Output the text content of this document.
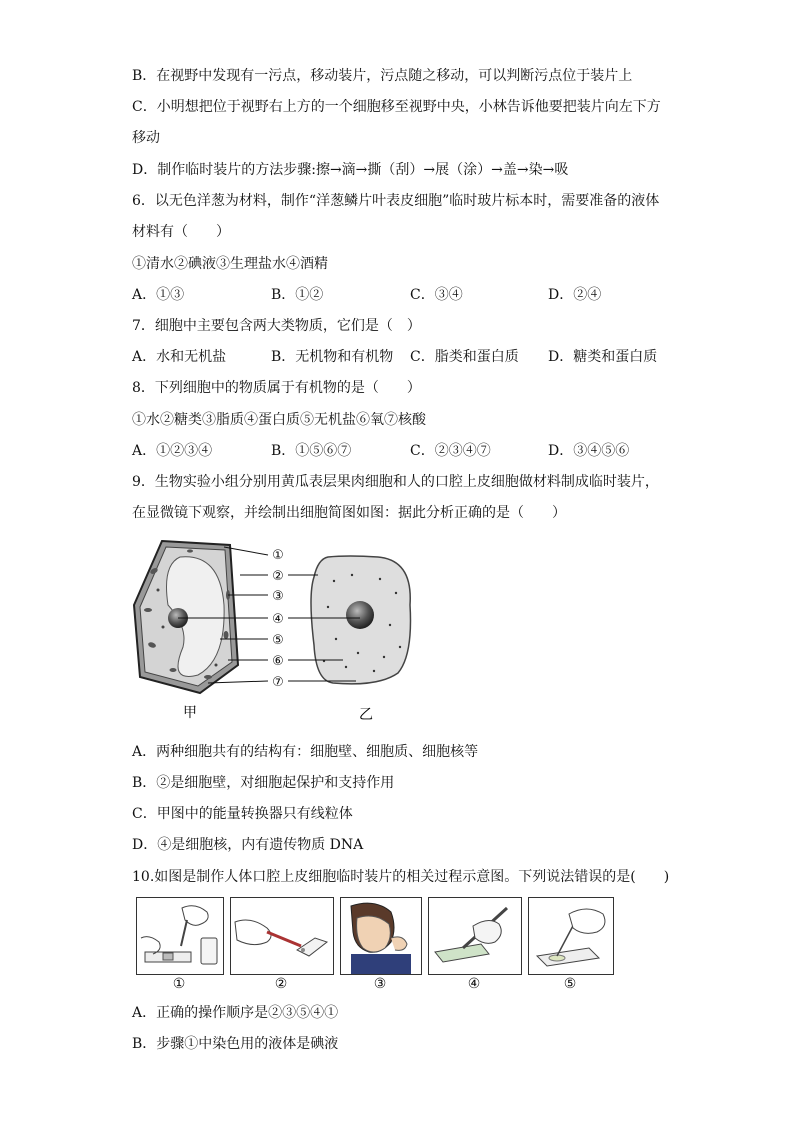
B．在视野中发现有一污点，移动装片，污点随之移动，可以判断污点位于装片上
C．小明想把位于视野右上方的一个细胞移至视野中央，小林告诉他要把装片向左下方
移动
D．制作临时装片的方法步骤:擦→滴→撕（刮）→展（涂）→盖→染→吸
6．以无色洋葱为材料，制作“洋葱鳞片叶表皮细胞”临时玻片标本时，需要准备的液体
材料有（　　）
①清水②碘液③生理盐水④酒精
A．①③	B．①②	C．③④	D．②④
7．细胞中主要包含两大类物质，它们是（　）
A．水和无机盐	B．无机物和有机物 C．脂类和蛋白质 D．糖类和蛋白质
8．下列细胞中的物质属于有机物的是（　　）
①水②糖类③脂质④蛋白质⑤无机盐⑥氧⑦核酸
A．①②③④	B．①⑤⑥⑦	C．②③④⑦	D．③④⑤⑥
9．生物实验小组分别用黄瓜表层果肉细胞和人的口腔上皮细胞做材料制成临时装片，
在显微镜下观察，并绘制出细胞简图如图：据此分析正确的是（　　）
①
②
③
④
⑤
⑥
⑦
甲	乙
A．两种细胞共有的结构有：细胞壁、细胞质、细胞核等
B．②是细胞壁，对细胞起保护和支持作用
C．甲图中的能量转换器只有线粒体
D．④是细胞核，内有遗传物质 DNA
10.如图是制作人体口腔上皮细胞临时装片的相关过程示意图。下列说法错误的是(　　)
①	②	③	④	⑤
A．正确的操作顺序是②③⑤④①
B．步骤①中染色用的液体是碘液
